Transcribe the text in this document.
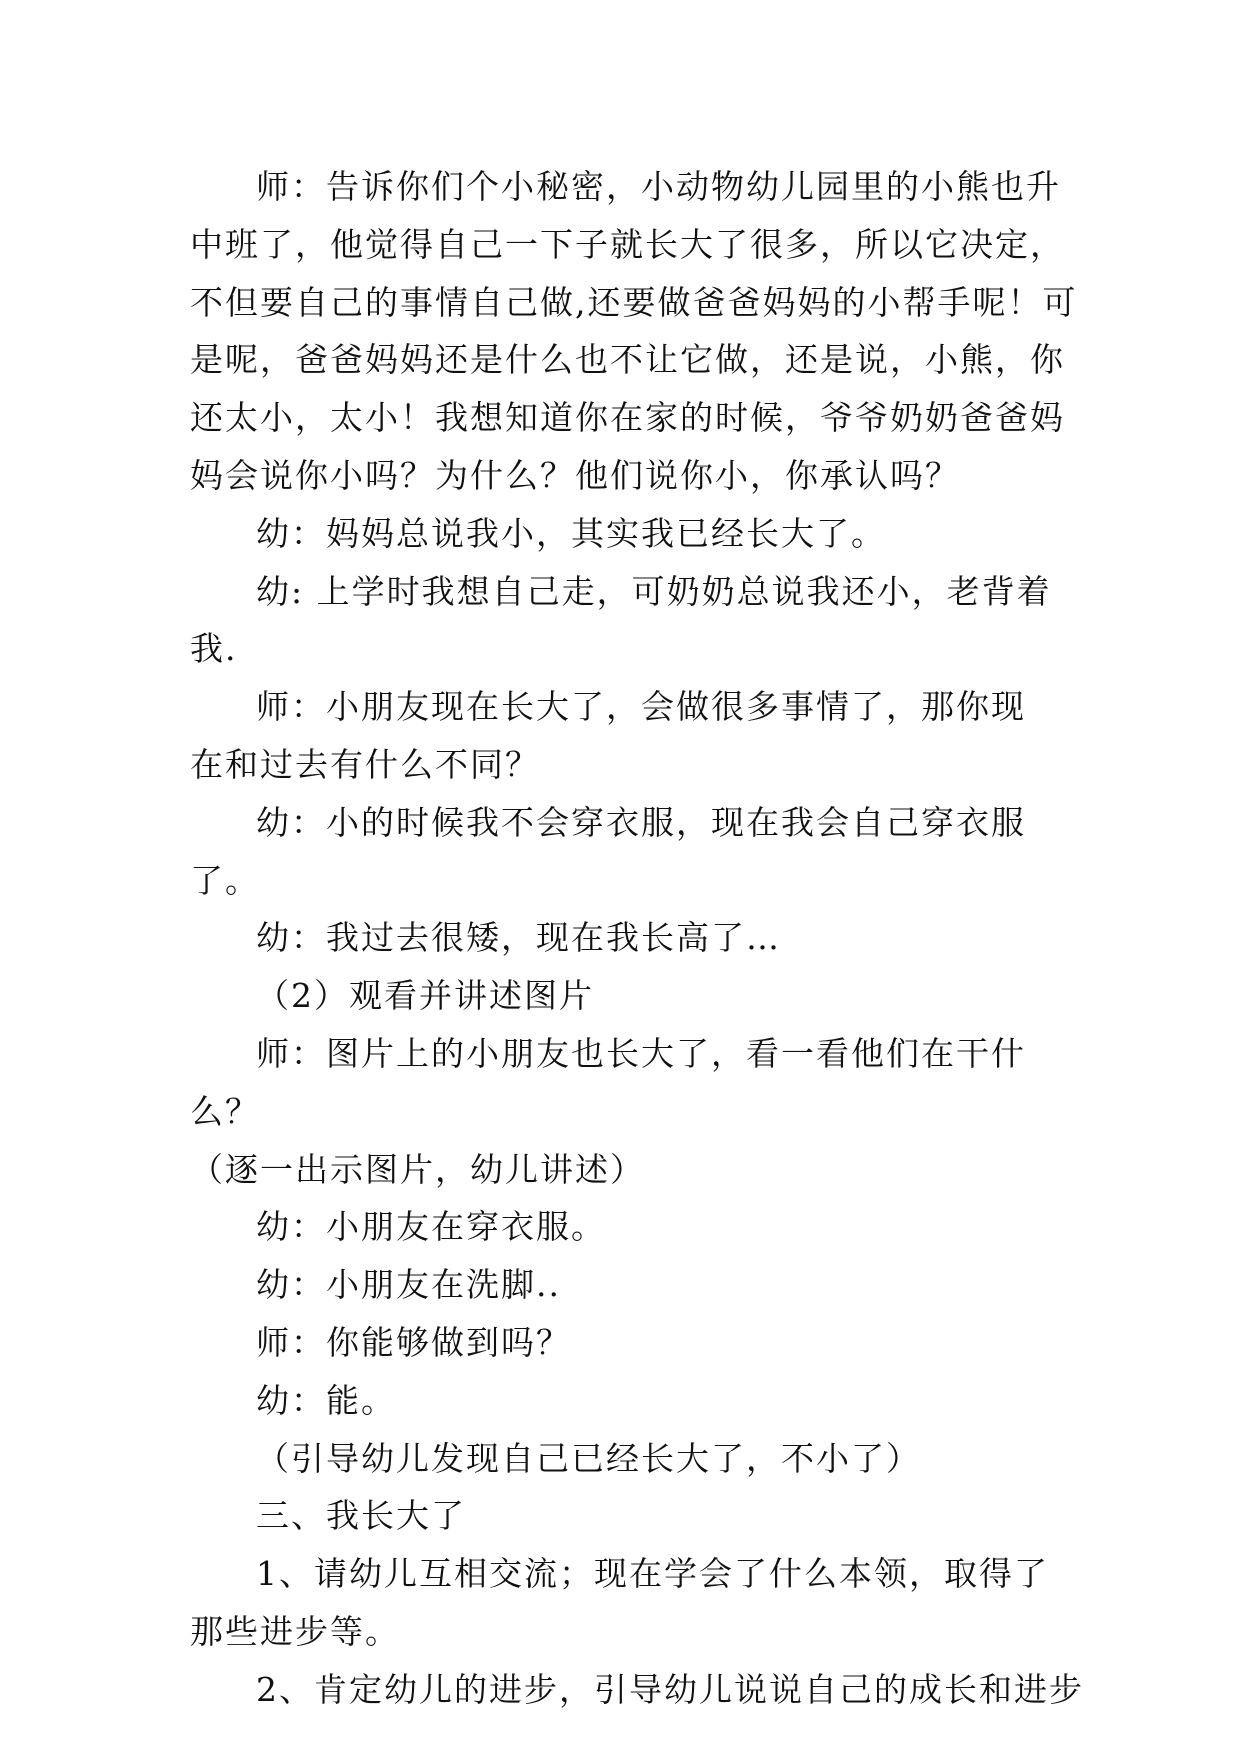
师：告诉你们个小秘密，小动物幼儿园里的小熊也升中班了，他觉得自己一下子就长大了很多，所以它决定，不但要自己的事情自己做,还要做爸爸妈妈的小帮手呢！可是呢，爸爸妈妈还是什么也不让它做，还是说，小熊，你还太小，太小！我想知道你在家的时候，爷爷奶奶爸爸妈妈会说你小吗？为什么？他们说你小，你承认吗？

幼：妈妈总说我小，其实我已经长大了。

幼: 上学时我想自己走，可奶奶总说我还小，老背着我.

师：小朋友现在长大了，会做很多事情了，那你现在和过去有什么不同？

幼：小的时候我不会穿衣服，现在我会自己穿衣服了。

幼：我过去很矮，现在我长高了…

（2）观看并讲述图片

师：图片上的小朋友也长大了，看一看他们在干什么？

（逐一出示图片，幼儿讲述）

幼：小朋友在穿衣服。

幼：小朋友在洗脚..

师：你能够做到吗？

幼：能。

（引导幼儿发现自己已经长大了，不小了）

三、我长大了

1、请幼儿互相交流；现在学会了什么本领，取得了那些进步等。

2、肯定幼儿的进步，引导幼儿说说自己的成长和进步
